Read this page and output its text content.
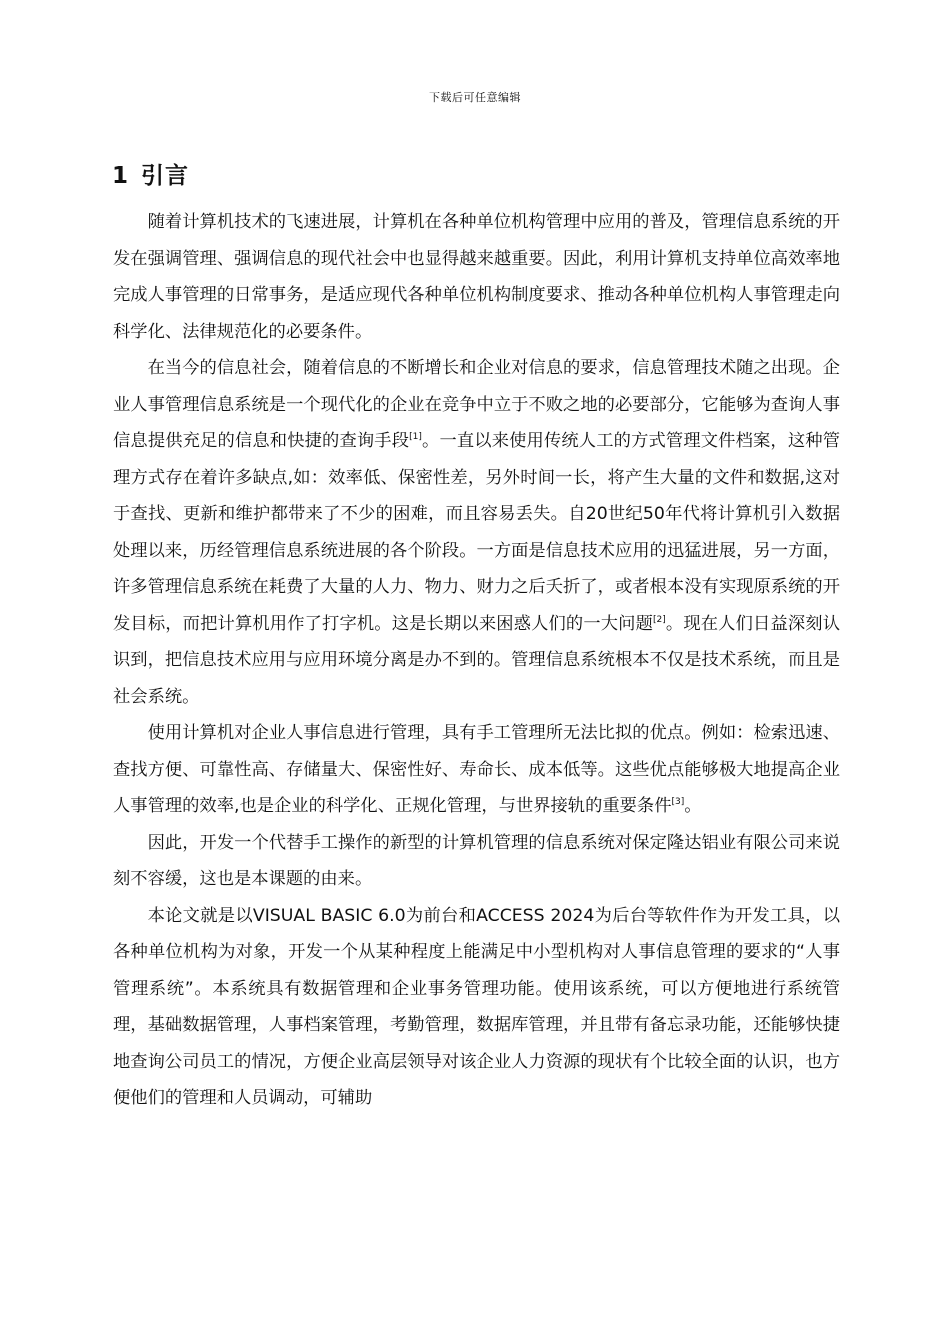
下载后可任意编辑
1 引言

随着计算机技术的飞速进展，计算机在各种单位机构管理中应用的普及，管理信息系统的开发在强调管理、强调信息的现代社会中也显得越来越重要。因此，利用计算机支持单位高效率地完成人事管理的日常事务，是适应现代各种单位机构制度要求、推动各种单位机构人事管理走向科学化、法律规范化的必要条件。

在当今的信息社会，随着信息的不断增长和企业对信息的要求，信息管理技术随之出现。企业人事管理信息系统是一个现代化的企业在竞争中立于不败之地的必要部分，它能够为查询人事信息提供充足的信息和快捷的查询手段[1]。一直以来使用传统人工的方式管理文件档案，这种管理方式存在着许多缺点,如：效率低、保密性差，另外时间一长，将产生大量的文件和数据,这对于查找、更新和维护都带来了不少的困难，而且容易丢失。自20世纪50年代将计算机引入数据处理以来，历经管理信息系统进展的各个阶段。一方面是信息技术应用的迅猛进展，另一方面，许多管理信息系统在耗费了大量的人力、物力、财力之后夭折了，或者根本没有实现原系统的开发目标，而把计算机用作了打字机。这是长期以来困惑人们的一大问题[2]。现在人们日益深刻认识到，把信息技术应用与应用环境分离是办不到的。管理信息系统根本不仅是技术系统，而且是社会系统。

使用计算机对企业人事信息进行管理，具有手工管理所无法比拟的优点。例如：检索迅速、查找方便、可靠性高、存储量大、保密性好、寿命长、成本低等。这些优点能够极大地提高企业人事管理的效率,也是企业的科学化、正规化管理，与世界接轨的重要条件[3]。

因此，开发一个代替手工操作的新型的计算机管理的信息系统对保定隆达铝业有限公司来说刻不容缓，这也是本课题的由来。

本论文就是以VISUAL BASIC 6.0为前台和ACCESS 2024为后台等软件作为开发工具，以各种单位机构为对象，开发一个从某种程度上能满足中小型机构对人事信息管理的要求的“人事管理系统”。本系统具有数据管理和企业事务管理功能。使用该系统，可以方便地进行系统管理，基础数据管理，人事档案管理，考勤管理，数据库管理，并且带有备忘录功能，还能够快捷地查询公司员工的情况，方便企业高层领导对该企业人力资源的现状有个比较全面的认识，也方便他们的管理和人员调动，可辅助
